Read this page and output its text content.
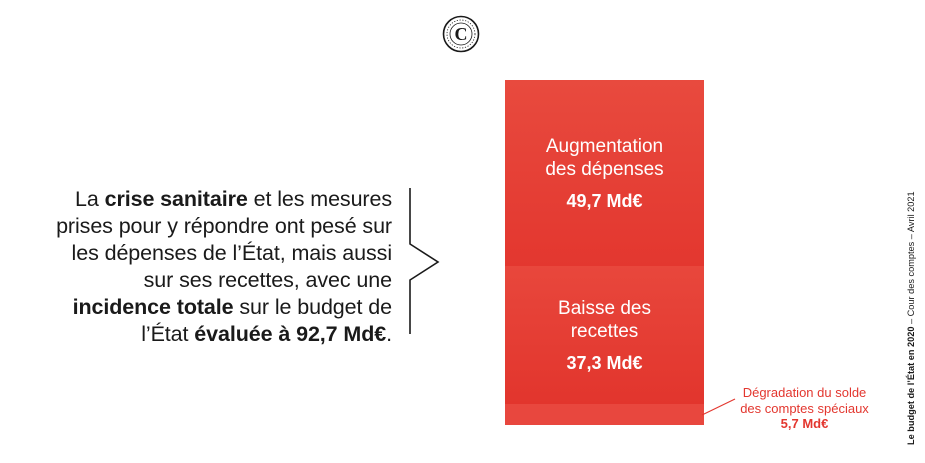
C
La crise sanitaire et les mesures prises pour y répondre ont pesé sur les dépenses de l’État, mais aussi sur ses recettes, avec une incidence totale sur le budget de l’État évaluée à 92,7 Md€.
Augmentation des dépenses
49,7 Md€
Baisse des recettes
37,3 Md€
Dégradation du solde
des comptes spéciaux
5,7 Md€	Le budget de l’État en 2020 – Cour des comptes – Avril 2021
